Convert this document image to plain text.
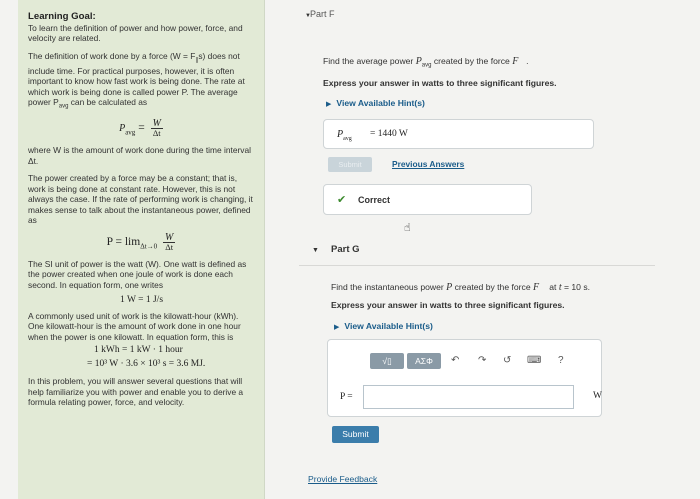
Learning Goal:
To learn the definition of power and how power, force, and velocity are related.
The definition of work done by a force $(W = F_\parallel s)$ does not include time. For practical purposes, however, it is often important to know how fast work is being done. The rate at which work is being done is called power P. The average power $P_{avg}$ can be calculated as
$P_{avg} = \frac{W}{\Delta t}$
where W is the amount of work done during the time interval Δt.
The power created by a force may be a constant; that is, work is being done at constant rate. However, this is not always the case. If the rate of performing work is changing, it makes sense to talk about the instantaneous power, defined as
$P = \lim_{\Delta t\to 0} \frac{W}{\Delta t}$
The SI unit of power is the watt (W). One watt is defined as the power created when one joule of work is done each second. In equation form, one writes
1 W = 1 J/s
A commonly used unit of work is the kilowatt-hour (kWh). One kilowatt-hour is the amount of work done in one hour when the power is one kilowatt. In equation form, this is
1 kWh = 1 kW · 1 hour
= 10³ W · 3.6 × 10³ s = 3.6 MJ.
In this problem, you will answer several questions that will help familiarize you with power and enable you to derive a formula relating power, force, and velocity.
▼ Part F
Find the average power $P_{avg}$ created by the force F⃗.
Express your answer in watts to three significant figures.
▶ View Available Hint(s)
$P_{avg} = 1440$ W
Submit	Previous Answers
✔ Correct
☝
▼ Part G
Find the instantaneous power P created by the force F⃗ at t = 10 s.
Express your answer in watts to three significant figures.
▶ View Available Hint(s)
√▯	ΑΣΦ	↶ ↷ ↺ ⌨ ?
P =	W
Submit
Provide Feedback
